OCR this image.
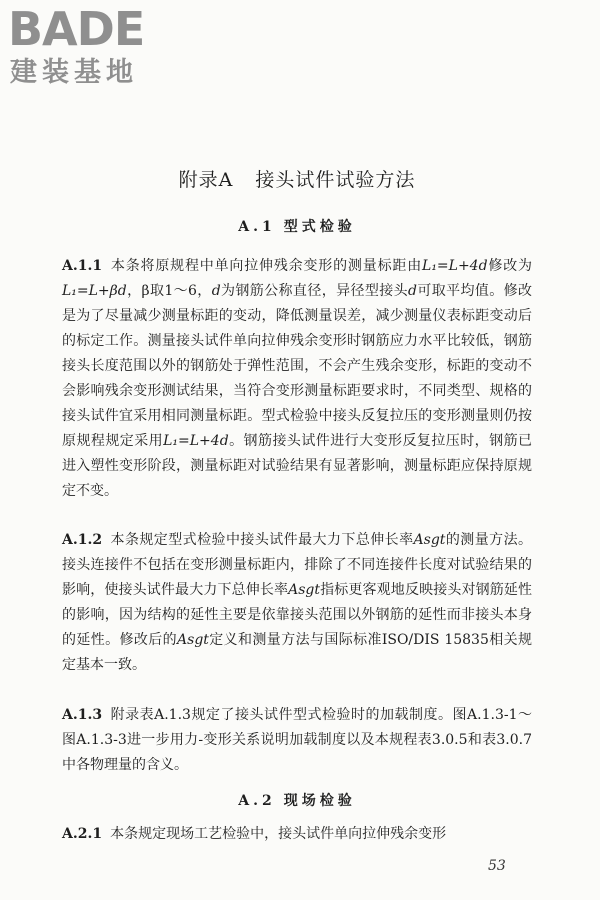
BADE
建装基地
附录A 接头试件试验方法
A.1 型式检验

A.1.1 本条将原规程中单向拉伸残余变形的测量标距由L₁=L+4d修改为L₁=L+βd，β取1～6，d为钢筋公称直径，异径型接头d可取平均值。修改是为了尽量减少测量标距的变动，降低测量误差，减少测量仪表标距变动后的标定工作。测量接头试件单向拉伸残余变形时钢筋应力水平比较低，钢筋接头长度范围以外的钢筋处于弹性范围，不会产生残余变形，标距的变动不会影响残余变形测试结果，当符合变形测量标距要求时，不同类型、规格的接头试件宜采用相同测量标距。型式检验中接头反复拉压的变形测量则仍按原规程规定采用L₁=L+4d。钢筋接头试件进行大变形反复拉压时，钢筋已进入塑性变形阶段，测量标距对试验结果有显著影响，测量标距应保持原规定不变。

A.1.2 本条规定型式检验中接头试件最大力下总伸长率Asgt的测量方法。接头连接件不包括在变形测量标距内，排除了不同连接件长度对试验结果的影响，使接头试件最大力下总伸长率Asgt指标更客观地反映接头对钢筋延性的影响，因为结构的延性主要是依靠接头范围以外钢筋的延性而非接头本身的延性。修改后的Asgt定义和测量方法与国际标准ISO/DIS 15835相关规定基本一致。

A.1.3 附录表A.1.3规定了接头试件型式检验时的加载制度。图A.1.3-1～图A.1.3-3进一步用力-变形关系说明加载制度以及本规程表3.0.5和表3.0.7中各物理量的含义。

A.2 现场检验

A.2.1 本条规定现场工艺检验中，接头试件单向拉伸残余变形

53
